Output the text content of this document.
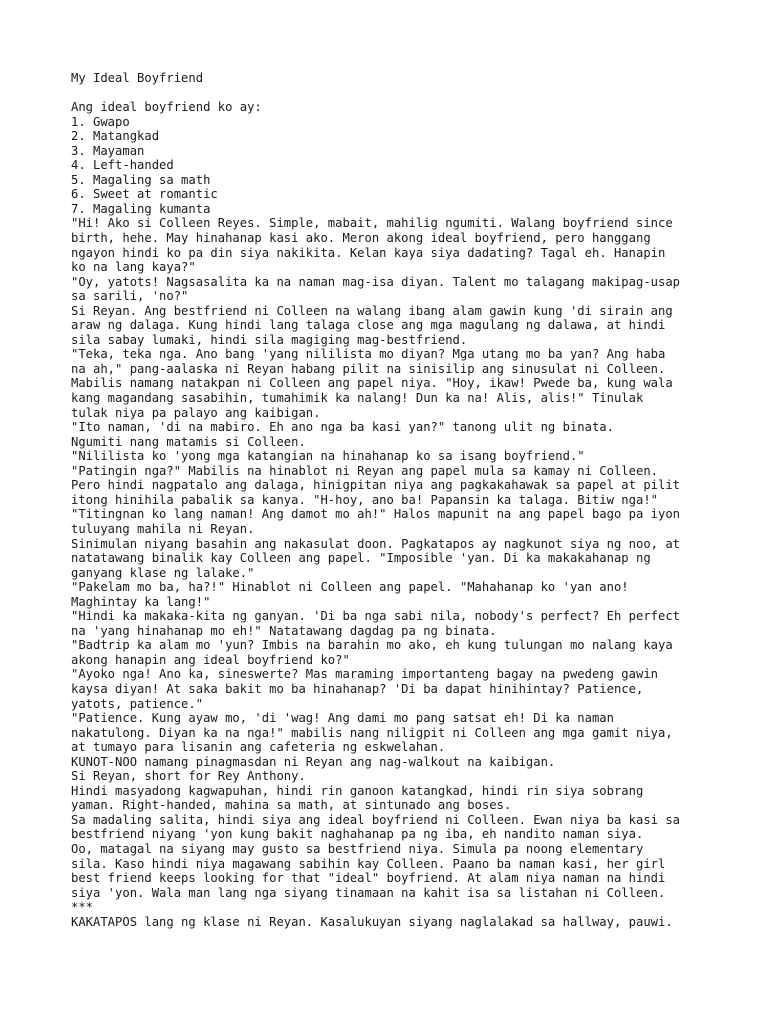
My Ideal Boyfriend
Ang ideal boyfriend ko ay:
1. Gwapo
2. Matangkad
3. Mayaman
4. Left-handed
5. Magaling sa math
6. Sweet at romantic
7. Magaling kumanta

"Hi! Ako si Colleen Reyes. Simple, mabait, mahilig ngumiti. Walang boyfriend since
birth, hehe. May hinahanap kasi ako. Meron akong ideal boyfriend, pero hanggang
ngayon hindi ko pa din siya nakikita. Kelan kaya siya dadating? Tagal eh. Hanapin
ko na lang kaya?"

"Oy, yatots! Nagsasalita ka na naman mag-isa diyan. Talent mo talagang makipag-usap
sa sarili, 'no?"

Si Reyan. Ang bestfriend ni Colleen na walang ibang alam gawin kung 'di sirain ang
araw ng dalaga. Kung hindi lang talaga close ang mga magulang ng dalawa, at hindi
sila sabay lumaki, hindi sila magiging mag-bestfriend.

"Teka, teka nga. Ano bang 'yang nililista mo diyan? Mga utang mo ba yan? Ang haba
na ah," pang-aalaska ni Reyan habang pilit na sinisilip ang sinusulat ni Colleen.

Mabilis namang natakpan ni Colleen ang papel niya. "Hoy, ikaw! Pwede ba, kung wala
kang magandang sasabihin, tumahimik ka nalang! Dun ka na! Alis, alis!" Tinulak
tulak niya pa palayo ang kaibigan.

"Ito naman, 'di na mabiro. Eh ano nga ba kasi yan?" tanong ulit ng binata.

Ngumiti nang matamis si Colleen.

"Nililista ko 'yong mga katangian na hinahanap ko sa isang boyfriend."

"Patingin nga?" Mabilis na hinablot ni Reyan ang papel mula sa kamay ni Colleen.

Pero hindi nagpatalo ang dalaga, hinigpitan niya ang pagkakahawak sa papel at pilit
itong hinihila pabalik sa kanya. "H-hoy, ano ba! Papansin ka talaga. Bitiw nga!"

"Titingnan ko lang naman! Ang damot mo ah!" Halos mapunit na ang papel bago pa iyon
tuluyang mahila ni Reyan.

Sinimulan niyang basahin ang nakasulat doon. Pagkatapos ay nagkunot siya ng noo, at
natatawang binalik kay Colleen ang papel. "Imposible 'yan. Di ka makakahanap ng
ganyang klase ng lalake."

"Pakelam mo ba, ha?!" Hinablot ni Colleen ang papel. "Mahahanap ko 'yan ano!
Maghintay ka lang!"

"Hindi ka makaka-kita ng ganyan. 'Di ba nga sabi nila, nobody's perfect? Eh perfect
na 'yang hinahanap mo eh!" Natatawang dagdag pa ng binata.

"Badtrip ka alam mo 'yun? Imbis na barahin mo ako, eh kung tulungan mo nalang kaya
akong hanapin ang ideal boyfriend ko?"

"Ayoko nga! Ano ka, sineswerte? Mas maraming importanteng bagay na pwedeng gawin
kaysa diyan! At saka bakit mo ba hinahanap? 'Di ba dapat hinihintay? Patience,
yatots, patience."

"Patience. Kung ayaw mo, 'di 'wag! Ang dami mo pang satsat eh! Di ka naman
nakatulong. Diyan ka na nga!" mabilis nang niligpit ni Colleen ang mga gamit niya,
at tumayo para lisanin ang cafeteria ng eskwelahan.

KUNOT-NOO namang pinagmasdan ni Reyan ang nag-walkout na kaibigan.

Si Reyan, short for Rey Anthony.

Hindi masyadong kagwapuhan, hindi rin ganoon katangkad, hindi rin siya sobrang
yaman. Right-handed, mahina sa math, at sintunado ang boses.

Sa madaling salita, hindi siya ang ideal boyfriend ni Colleen. Ewan niya ba kasi sa
bestfriend niyang 'yon kung bakit naghahanap pa ng iba, eh nandito naman siya.

Oo, matagal na siyang may gusto sa bestfriend niya. Simula pa noong elementary
sila. Kaso hindi niya magawang sabihin kay Colleen. Paano ba naman kasi, her girl
best friend keeps looking for that "ideal" boyfriend. At alam niya naman na hindi
siya 'yon. Wala man lang nga siyang tinamaan na kahit isa sa listahan ni Colleen.

***

KAKATAPOS lang ng klase ni Reyan. Kasalukuyan siyang naglalakad sa hallway, pauwi.
